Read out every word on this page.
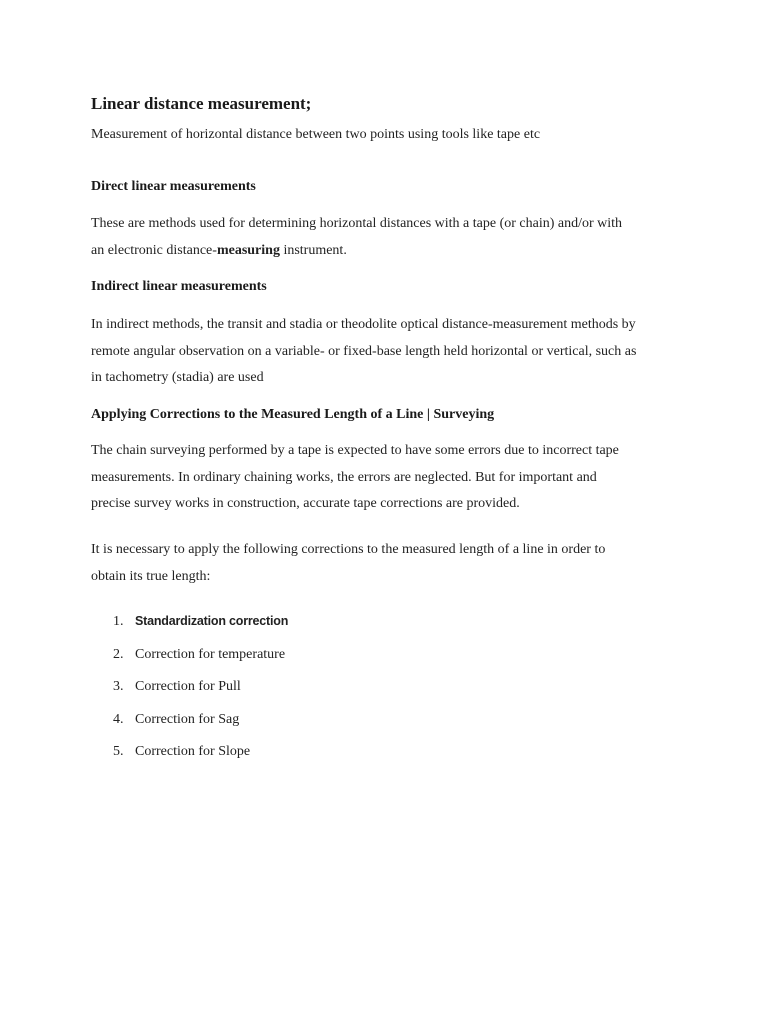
Linear distance measurement;
Measurement of horizontal distance between two points using tools like tape etc
Direct linear measurements
These are methods used for determining horizontal distances with a tape (or chain) and/or with
an electronic distance-measuring instrument.
Indirect linear measurements
In indirect methods, the transit and stadia or theodolite optical distance-measurement methods by
remote angular observation on a variable- or fixed-base length held horizontal or vertical, such as
in tachometry (stadia) are used
Applying Corrections to the Measured Length of a Line | Surveying
The chain surveying performed by a tape is expected to have some errors due to incorrect tape
measurements. In ordinary chaining works, the errors are neglected. But for important and
precise survey works in construction, accurate tape corrections are provided.
It is necessary to apply the following corrections to the measured length of a line in order to
obtain its true length:
1. Standardization correction
2. Correction for temperature
3. Correction for Pull
4. Correction for Sag
5. Correction for Slope
